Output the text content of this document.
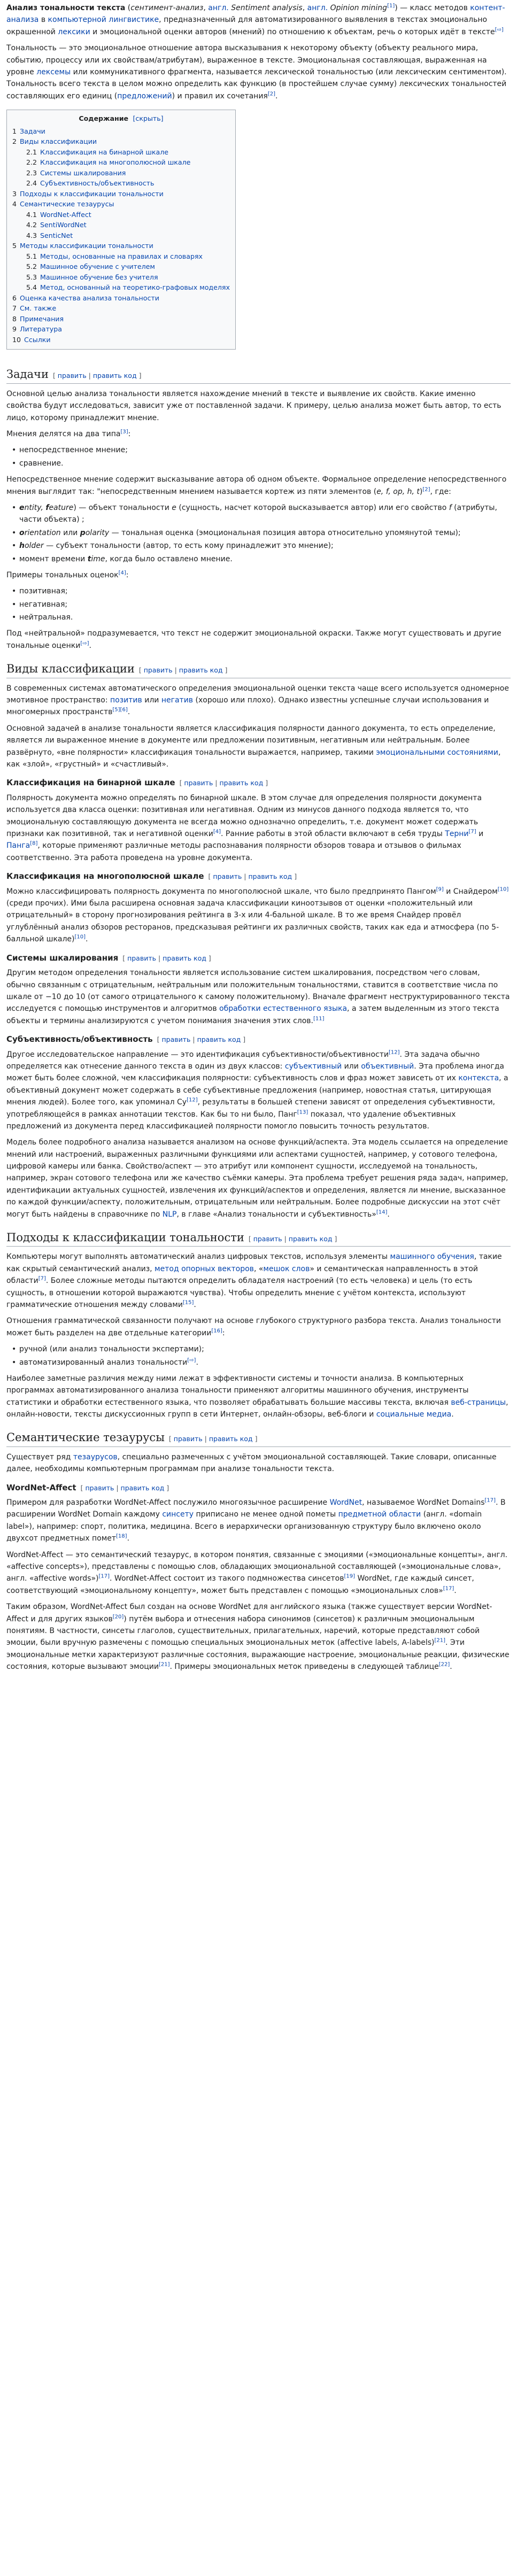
Анализ тональности текста (сентимент-анализ, англ. Sentiment analysis, англ. Opinion mining[1]) — класс методов контент-анализа в компьютерной лингвистике, предназначенный для автоматизированного выявления в текстах эмоционально окрашенной лексики и эмоциональной оценки авторов (мнений) по отношению к объектам, речь о которых идёт в тексте[⇨]

Тональность — это эмоциональное отношение автора высказывания к некоторому объекту (объекту реального мира, событию, процессу или их свойствам/атрибутам), выраженное в тексте. Эмоциональная составляющая, выраженная на уровне лексемы или коммуникативного фрагмента, называется лексической тональностью (или лексическим сентиментом). Тональность всего текста в целом можно определить как функцию (в простейшем случае сумму) лексических тональностей составляющих его единиц (предложений) и правил их сочетания[2].

Содержание [скрыть]
1 Задачи
2 Виды классификации
2.1 Классификация на бинарной шкале
2.2 Классификация на многополюсной шкале
2.3 Системы шкалирования
2.4 Субъективность/объективность
3 Подходы к классификации тональности
4 Семантические тезаурусы
4.1 WordNet-Affect
4.2 SentiWordNet
4.3 SenticNet
5 Методы классификации тональности
5.1 Методы, основанные на правилах и словарях
5.2 Машинное обучение с учителем
5.3 Машинное обучение без учителя
5.4 Метод, основанный на теоретико-графовых моделях
6 Оценка качества анализа тональности
7 См. также
8 Примечания
9 Литература
10 Ссылки
Задачи [ править | править код ]

Основной целью анализа тональности является нахождение мнений в тексте и выявление их свойств. Какие именно свойства будут исследоваться, зависит уже от поставленной задачи. К примеру, целью анализа может быть автор, то есть лицо, которому принадлежит мнение.

Мнения делятся на два типа[3]:

• непосредственное мнение;
• сравнение.

Непосредственное мнение содержит высказывание автора об одном объекте. Формальное определение непосредственного мнения выглядит так: "непосредственным мнением называется кортеж из пяти элементов (e, f, op, h, t)[2], где:

• entity, feature) — объект тональности e (сущность, насчет которой высказывается автор) или его свойство f (атрибуты, части объекта) ;
• orientation или polarity — тональная оценка (эмоциональная позиция автора относительно упомянутой темы);
• holder — субъект тональности (автор, то есть кому принадлежит это мнение);
• момент времени time, когда было оставлено мнение.

Примеры тональных оценок[4]:

• позитивная;
• негативная;
• нейтральная.

Под «нейтральной» подразумевается, что текст не содержит эмоциональной окраски. Также могут существовать и другие тональные оценки[⇨].

Виды классификации [ править | править код ]

В современных системах автоматического определения эмоциональной оценки текста чаще всего используется одномерное эмотивное пространство: позитив или негатив (хорошо или плохо). Однако известны успешные случаи использования и многомерных пространств[5][6].

Основной задачей в анализе тональности является классификация полярности данного документа, то есть определение, является ли выраженное мнение в документе или предложении позитивным, негативным или нейтральным. Более развёрнуто, «вне полярности» классификация тональности выражается, например, такими эмоциональными состояниями, как «злой», «грустный» и «счастливый».

Классификация на бинарной шкале [ править | править код ]

Полярность документа можно определять по бинарной шкале. В этом случае для определения полярности документа используется два класса оценки: позитивная или негативная. Одним из минусов данного подхода является то, что эмоциональную составляющую документа не всегда можно однозначно определить, т.е. документ может содержать признаки как позитивной, так и негативной оценки[4]. Ранние работы в этой области включают в себя труды Терни[7] и Панга[8], которые применяют различные методы распознавания полярности обзоров товара и отзывов о фильмах соответственно. Эта работа проведена на уровне документа.

Классификация на многополюсной шкале [ править | править код ]

Можно классифицировать полярность документа по многополюсной шкале, что было предпринято Пангом[9] и Снайдером[10] (среди прочих). Ими была расширена основная задача классификации киноотзывов от оценки «положительный или отрицательный» в сторону прогнозирования рейтинга в 3-х или 4-бальной шкале. В то же время Снайдер провёл углублённый анализ обзоров ресторанов, предсказывая рейтинги их различных свойств, таких как еда и атмосфера (по 5-балльной шкале)[10].

Системы шкалирования [ править | править код ]

Другим методом определения тональности является использование систем шкалирования, посредством чего словам, обычно связанным с отрицательным, нейтральным или положительным тональностями, ставится в соответствие числа по шкале от −10 до 10 (от самого отрицательного к самому положительному). Вначале фрагмент неструктурированного текста исследуется с помощью инструментов и алгоритмов обработки естественного языка, а затем выделенным из этого текста объекты и термины анализируются с учетом понимания значения этих слов.[11]

Субъективность/объективность [ править | править код ]

Другое исследовательское направление — это идентификация субъективности/объективности[12]. Эта задача обычно определяется как отнесение данного текста в один из двух классов: субъективный или объективный. Эта проблема иногда может быть более сложной, чем классификация полярности: субъективность слов и фраз может зависеть от их контекста, а объективный документ может содержать в себе субъективные предложения (например, новостная статья, цитирующая мнения людей). Более того, как упоминал Су[12], результаты в большей степени зависят от определения субъективности, употребляющейся в рамках аннотации текстов. Как бы то ни было, Панг[13] показал, что удаление объективных предложений из документа перед классификацией полярности помогло повысить точность результатов.

Модель более подробного анализа называется анализом на основе функций/аспекта. Эта модель ссылается на определение мнений или настроений, выраженных различными функциями или аспектами сущностей, например, у сотового телефона, цифровой камеры или банка. Свойство/аспект — это атрибут или компонент сущности, исследуемой на тональность, например, экран сотового телефона или же качество съёмки камеры. Эта проблема требует решения ряда задач, например, идентификации актуальных сущностей, извлечения их функций/аспектов и определения, является ли мнение, высказанное по каждой функции/аспекту, положительным, отрицательным или нейтральным. Более подробные дискуссии на этот счёт могут быть найдены в справочнике по NLP, в главе «Анализ тональности и субъективность»[14].

Подходы к классификации тональности [ править | править код ]

Компьютеры могут выполнять автоматический анализ цифровых текстов, используя элементы машинного обучения, такие как скрытый семантический анализ, метод опорных векторов, «мешок слов» и семантическая направленность в этой области[7]. Более сложные методы пытаются определить обладателя настроений (то есть человека) и цель (то есть сущность, в отношении которой выражаются чувства). Чтобы определить мнение с учётом контекста, используют грамматические отношения между словами[15].

Отношения грамматической связанности получают на основе глубокого структурного разбора текста. Анализ тональности может быть разделен на две отдельные категории[16]:

• ручной (или анализ тональности экспертами);
• автоматизированный анализ тональности[⇨].

Наиболее заметные различия между ними лежат в эффективности системы и точности анализа. В компьютерных программах автоматизированного анализа тональности применяют алгоритмы машинного обучения, инструменты статистики и обработки естественного языка, что позволяет обрабатывать большие массивы текста, включая веб-страницы, онлайн-новости, тексты дискуссионных групп в сети Интернет, онлайн-обзоры, веб-блоги и социальные медиа.

Семантические тезаурусы [ править | править код ]

Существует ряд тезаурусов, специально размеченных с учётом эмоциональной составляющей. Такие словари, описанные далее, необходимы компьютерным программам при анализе тональности текста.

WordNet-Affect [ править | править код ]

Примером для разработки WordNet-Affect послужило многоязычное расширение WordNet, называемое WordNet Domains[17]. В расширении WordNet Domain каждому синсету приписано не менее одной пометы предметной области (англ. «domain label»), например: спорт, политика, медицина. Всего в иерархически организованную структуру было включено около двухсот предметных помет[18].

WordNet-Affect — это семантический тезаурус, в котором понятия, связанные с эмоциями («эмоциональные концепты», англ. «affective concepts»), представлены с помощью слов, обладающих эмоциональной составляющей («эмоциональные слова», англ. «affective words»)[17]. WordNet-Affect состоит из такого подмножества синсетов[19] WordNet, где каждый синсет, соответствующий «эмоциональному концепту», может быть представлен с помощью «эмоциональных слов»[17].

Таким образом, WordNet-Affect был создан на основе WordNet для английского языка (также существует версии WordNet-Affect и для других языков[20]) путём выбора и отнесения набора синонимов (синсетов) к различным эмоциональным понятиям. В частности, синсеты глаголов, существительных, прилагательных, наречий, которые представляют собой эмоции, были вручную размечены с помощью специальных эмоциональных меток (affective labels, A-labels)[21]. Эти эмоциональные метки характеризуют различные состояния, выражающие настроение, эмоциональные реакции, физические состояния, которые вызывают эмоции[21]. Примеры эмоциональных меток приведены в следующей таблице[22].
